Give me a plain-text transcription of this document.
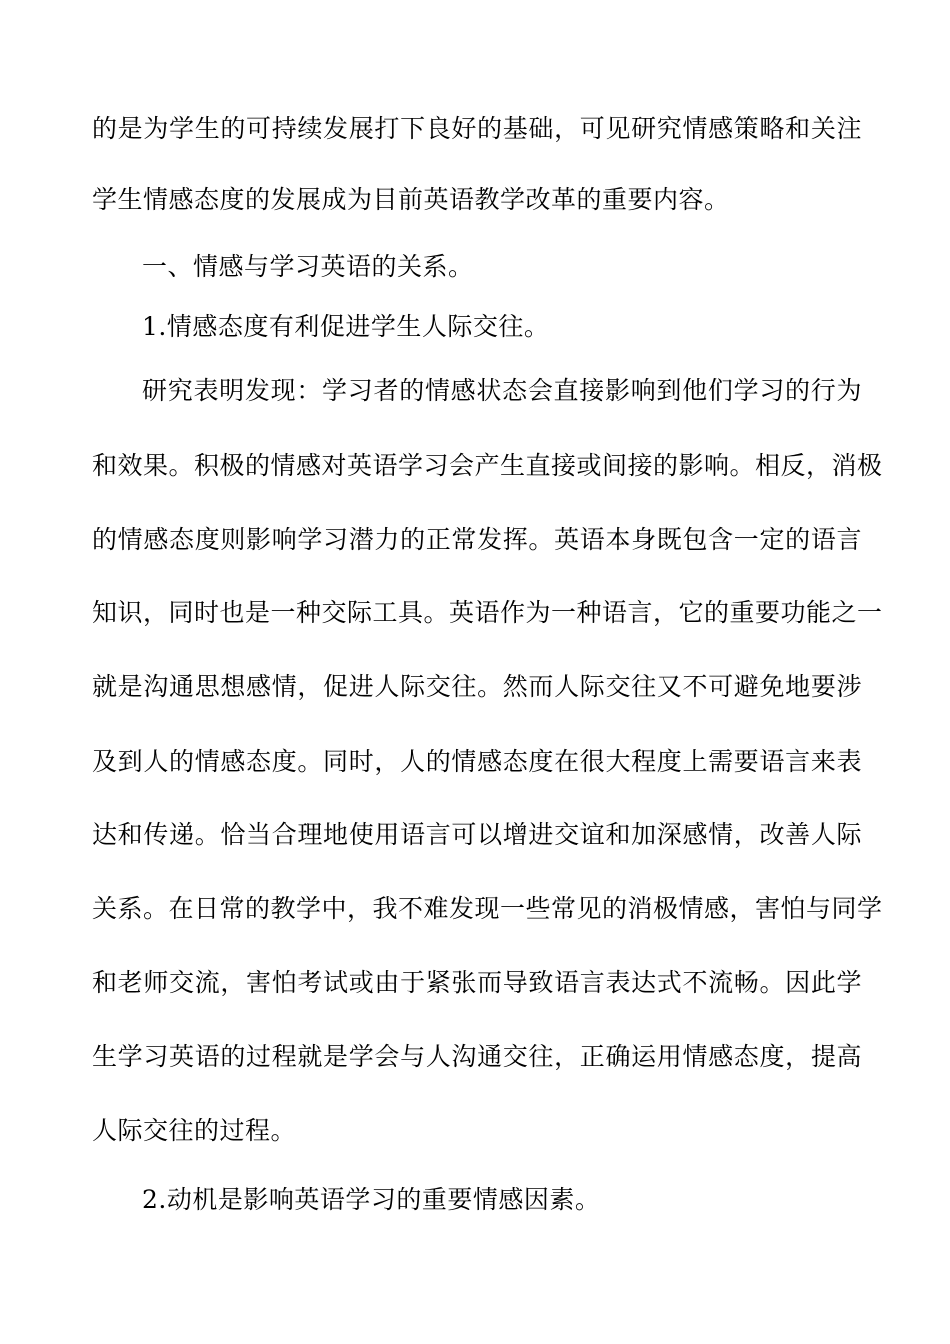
的是为学生的可持续发展打下良好的基础，可见研究情感策略和关注
学生情感态度的发展成为目前英语教学改革的重要内容。
一、情感与学习英语的关系。
1.情感态度有利促进学生人际交往。
研究表明发现：学习者的情感状态会直接影响到他们学习的行为
和效果。积极的情感对英语学习会产生直接或间接的影响。相反，消极
的情感态度则影响学习潜力的正常发挥。英语本身既包含一定的语言
知识，同时也是一种交际工具。英语作为一种语言，它的重要功能之一
就是沟通思想感情，促进人际交往。然而人际交往又不可避免地要涉
及到人的情感态度。同时，人的情感态度在很大程度上需要语言来表
达和传递。恰当合理地使用语言可以增进交谊和加深感情，改善人际
关系。在日常的教学中，我不难发现一些常见的消极情感，害怕与同学
和老师交流，害怕考试或由于紧张而导致语言表达式不流畅。因此学
生学习英语的过程就是学会与人沟通交往，正确运用情感态度，提高
人际交往的过程。
2.动机是影响英语学习的重要情感因素。
